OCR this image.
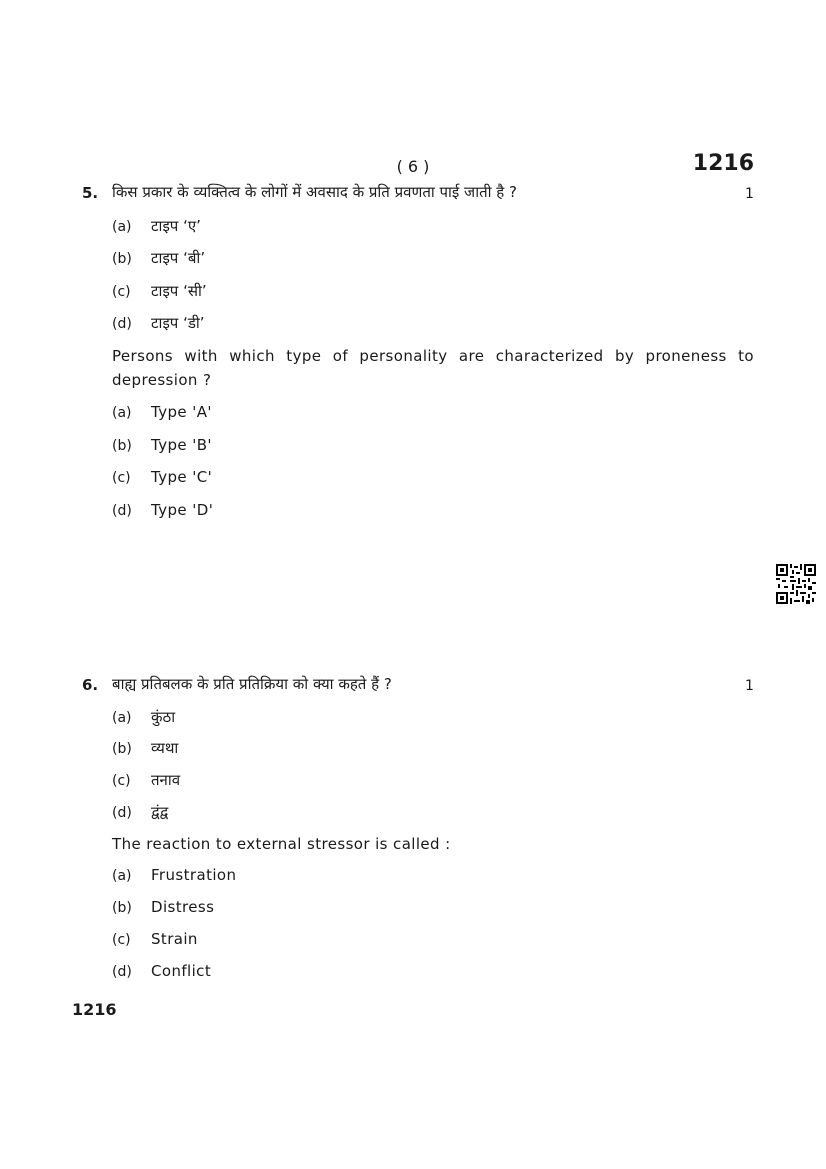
( 6 )	1216
5. किस प्रकार के व्यक्तित्व के लोगों में अवसाद के प्रति प्रवणता पाई जाती है ?	1
(a) टाइप ‘ए’
(b) टाइप ‘बी’
(c) टाइप ‘सी’
(d) टाइप ‘डी’
Persons with which type of personality are characterized by proneness to depression ?
(a) Type 'A'
(b) Type 'B'
(c) Type 'C'
(d) Type 'D'
6. बाह्य प्रतिबलक के प्रति प्रतिक्रिया को क्या कहते हैं ?	1
(a) कुंठा
(b) व्यथा
(c) तनाव
(d) द्वंद्व
The reaction to external stressor is called :
(a) Frustration
(b) Distress
(c) Strain
(d) Conflict
1216
